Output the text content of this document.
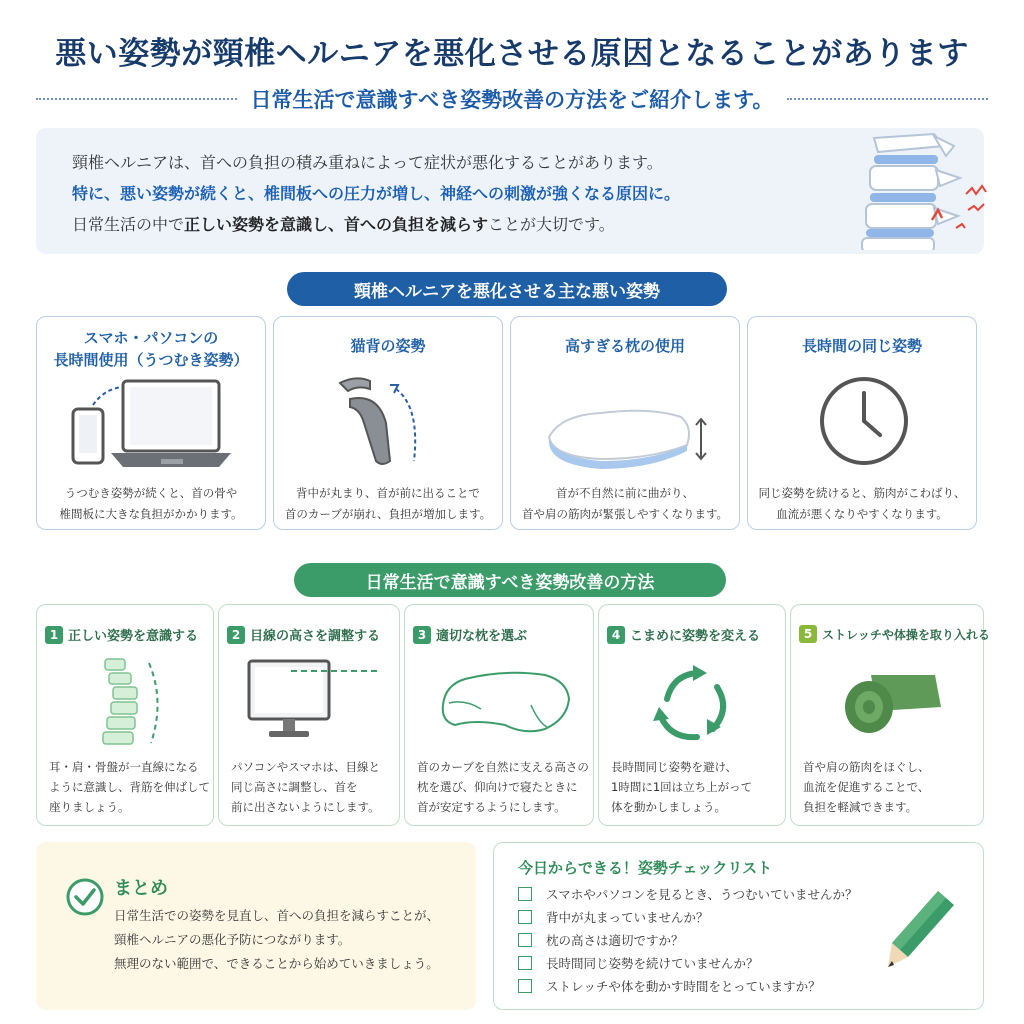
悪い姿勢が頸椎ヘルニアを悪化させる原因となることがあります
日常生活で意識すべき姿勢改善の方法をご紹介します。

頸椎ヘルニアは、首への負担の積み重ねによって症状が悪化することがあります。

特に、悪い姿勢が続くと、椎間板への圧力が増し、神経への刺激が強くなる原因に。

日常生活の中で正しい姿勢を意識し、首への負担を減らすことが大切です。

頸椎ヘルニアを悪化させる主な悪い姿勢
スマホ・パソコンの
長時間使用（うつむき姿勢）
うつむき姿勢が続くと、首の骨や
椎間板に大きな負担がかかります。
猫背の姿勢
背中が丸まり、首が前に出ることで
首のカーブが崩れ、負担が増加します。
高すぎる枕の使用
首が不自然に前に曲がり、
首や肩の筋肉が緊張しやすくなります。
長時間の同じ姿勢
同じ姿勢を続けると、筋肉がこわばり、
血流が悪くなりやすくなります。
日常生活で意識すべき姿勢改善の方法
1 正しい姿勢を意識する
耳・肩・骨盤が一直線になる
ように意識し、背筋を伸ばして
座りましょう。
2 目線の高さを調整する
パソコンやスマホは、目線と
同じ高さに調整し、首を
前に出さないようにします。
3 適切な枕を選ぶ
首のカーブを自然に支える高さの
枕を選び、仰向けで寝たときに
首が安定するようにします。
4 こまめに姿勢を変える
長時間同じ姿勢を避け、
1時間に1回は立ち上がって
体を動かしましょう。
5 ストレッチや体操を取り入れる
首や肩の筋肉をほぐし、
血流を促進することで、
負担を軽減できます。
まとめ
日常生活での姿勢を見直し、首への負担を減らすことが、
頸椎ヘルニアの悪化予防につながります。
無理のない範囲で、できることから始めていきましょう。
今日からできる！姿勢チェックリスト
スマホやパソコンを見るとき、うつむいていませんか？
背中が丸まっていませんか？
枕の高さは適切ですか？
長時間同じ姿勢を続けていませんか？
ストレッチや体を動かす時間をとっていますか？
